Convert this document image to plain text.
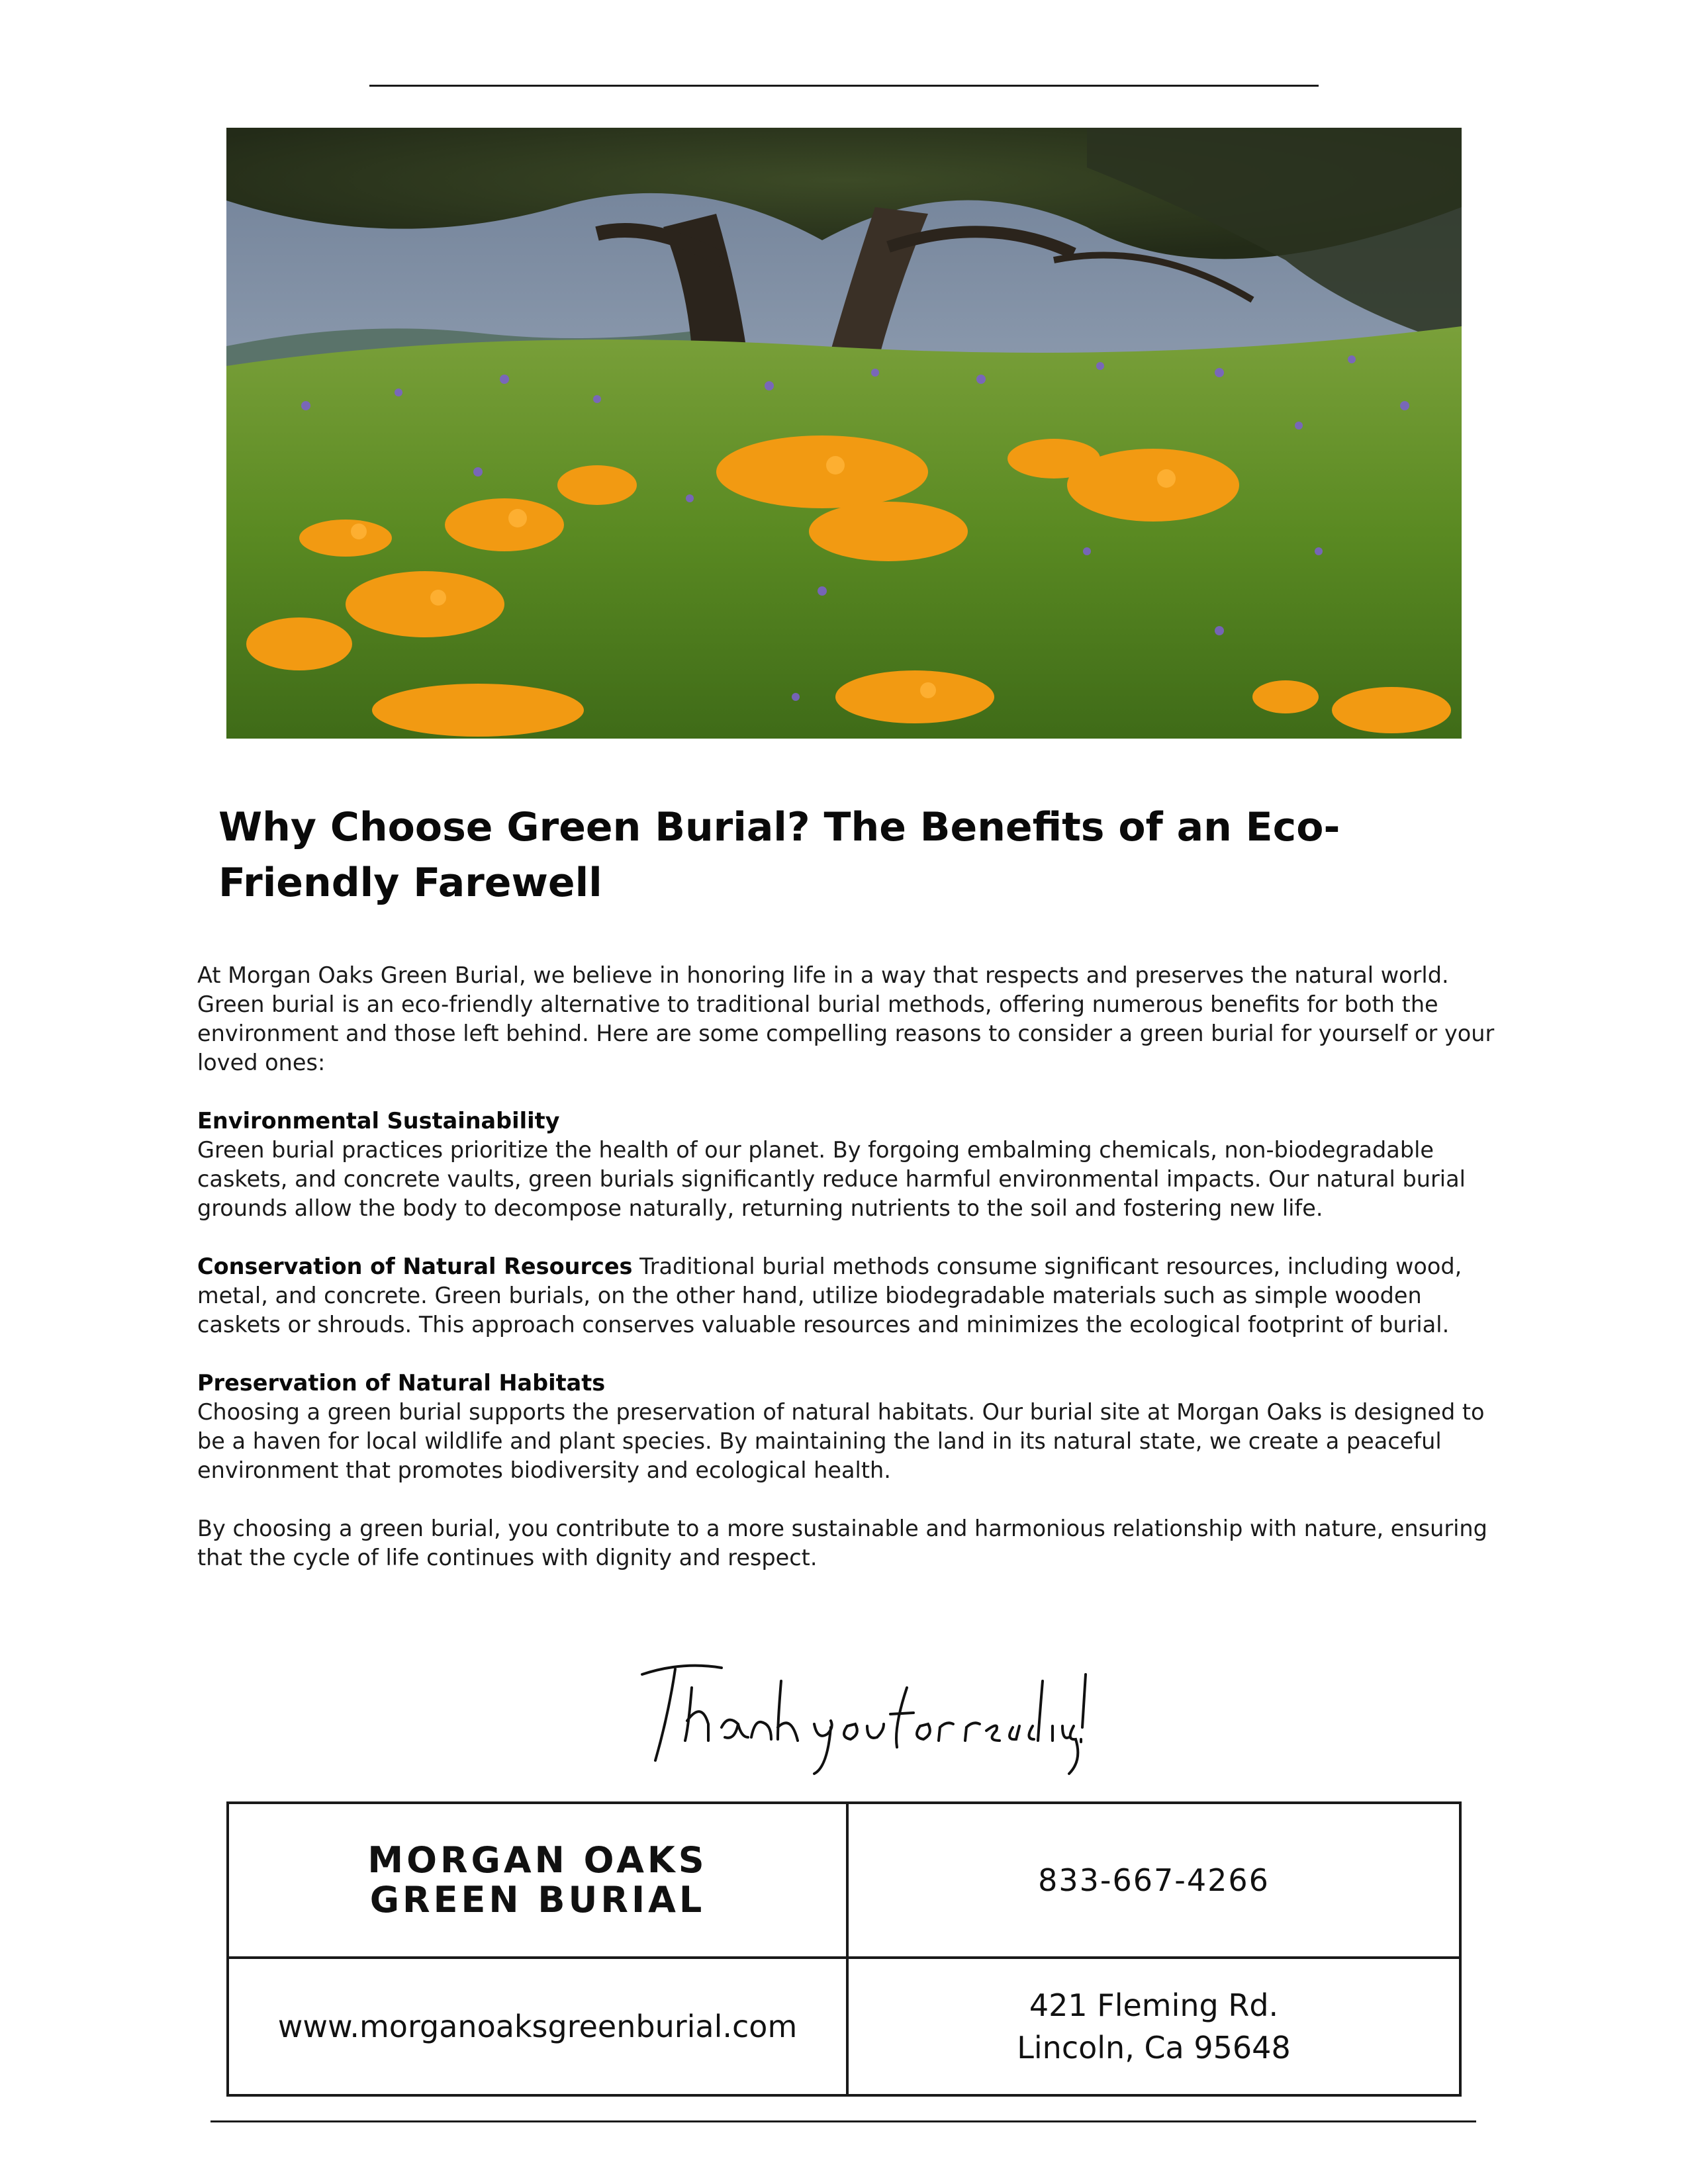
Why Choose Green Burial? The Benefits of an Eco-Friendly Farewell

At Morgan Oaks Green Burial, we believe in honoring life in a way that respects and preserves the natural world. Green burial is an eco-friendly alternative to traditional burial methods, offering numerous benefits for both the environment and those left behind. Here are some compelling reasons to consider a green burial for yourself or your loved ones:

Environmental Sustainability
Green burial practices prioritize the health of our planet. By forgoing embalming chemicals, non-biodegradable caskets, and concrete vaults, green burials significantly reduce harmful environmental impacts. Our natural burial grounds allow the body to decompose naturally, returning nutrients to the soil and fostering new life.

Conservation of Natural Resources Traditional burial methods consume significant resources, including wood, metal, and concrete. Green burials, on the other hand, utilize biodegradable materials such as simple wooden caskets or shrouds. This approach conserves valuable resources and minimizes the ecological footprint of burial.

Preservation of Natural Habitats
Choosing a green burial supports the preservation of natural habitats. Our burial site at Morgan Oaks is designed to be a haven for local wildlife and plant species. By maintaining the land in its natural state, we create a peaceful environment that promotes biodiversity and ecological health.

By choosing a green burial, you contribute to a more sustainable and harmonious relationship with nature, ensuring that the cycle of life continues with dignity and respect.

MORGAN OAKS
GREEN BURIAL	833-667-4266
www.morganoaksgreenburial.com
421 Fleming Rd.
Lincoln, Ca 95648
